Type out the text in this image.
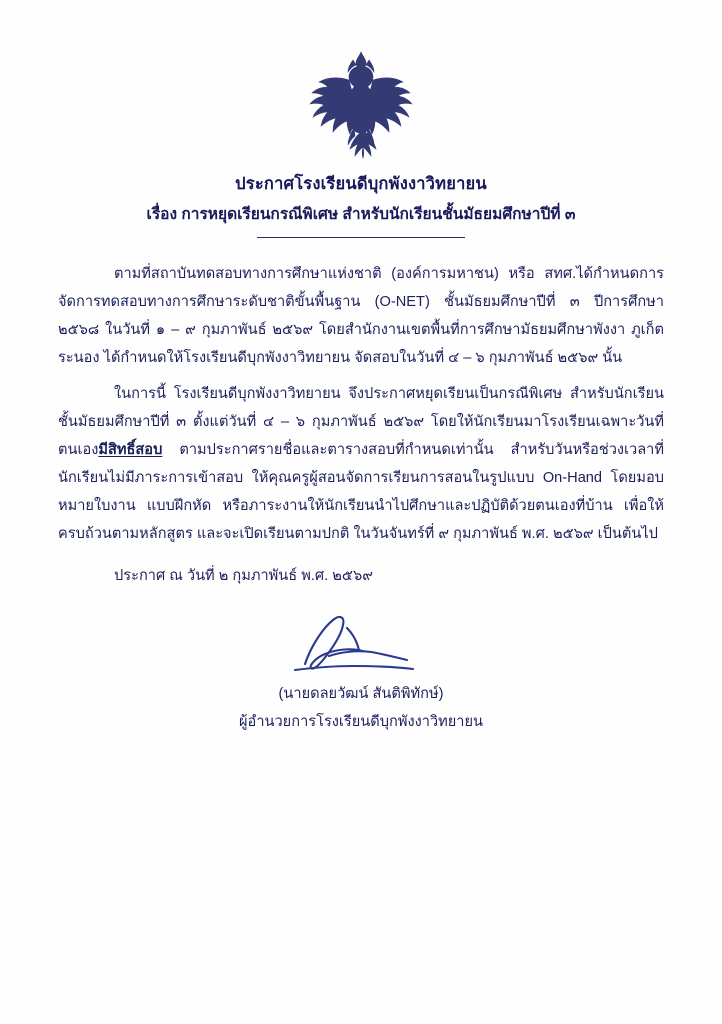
ประกาศโรงเรียนดีบุกพังงาวิทยายน
เรื่อง การหยุดเรียนกรณีพิเศษ สำหรับนักเรียนชั้นมัธยมศึกษาปีที่ ๓

ตามที่สถาบันทดสอบทางการศึกษาแห่งชาติ (องค์การมหาชน) หรือ สทศ.ได้กำหนดการจัดการทดสอบทางการศึกษาระดับชาติขั้นพื้นฐาน (O-NET) ชั้นมัธยมศึกษาปีที่ ๓ ปีการศึกษา ๒๕๖๘ ในวันที่ ๑ – ๙ กุมภาพันธ์ ๒๕๖๙ โดยสำนักงานเขตพื้นที่การศึกษามัธยมศึกษาพังงา ภูเก็ต ระนอง ได้กำหนดให้โรงเรียนดีบุกพังงาวิทยายน จัดสอบในวันที่ ๔ – ๖ กุมภาพันธ์ ๒๕๖๙ นั้น

ในการนี้ โรงเรียนดีบุกพังงาวิทยายน จึงประกาศหยุดเรียนเป็นกรณีพิเศษ สำหรับนักเรียนชั้นมัธยมศึกษาปีที่ ๓ ตั้งแต่วันที่ ๔ – ๖ กุมภาพันธ์ ๒๕๖๙ โดยให้นักเรียนมาโรงเรียนเฉพาะวันที่ตนเองมีสิทธิ์สอบ ตามประกาศรายชื่อและตารางสอบที่กำหนดเท่านั้น สำหรับวันหรือช่วงเวลาที่นักเรียนไม่มีภาระการเข้าสอบ ให้คุณครูผู้สอนจัดการเรียนการสอนในรูปแบบ On-Hand โดยมอบหมายใบงาน แบบฝึกหัด หรือภาระงานให้นักเรียนนำไปศึกษาและปฏิบัติด้วยตนเองที่บ้าน เพื่อให้ครบถ้วนตามหลักสูตร และจะเปิดเรียนตามปกติ ในวันจันทร์ที่ ๙ กุมภาพันธ์ พ.ศ. ๒๕๖๙ เป็นต้นไป

ประกาศ ณ วันที่ ๒ กุมภาพันธ์ พ.ศ. ๒๕๖๙

(นายดลยวัฒน์ สันติพิทักษ์)
ผู้อำนวยการโรงเรียนดีบุกพังงาวิทยายน
